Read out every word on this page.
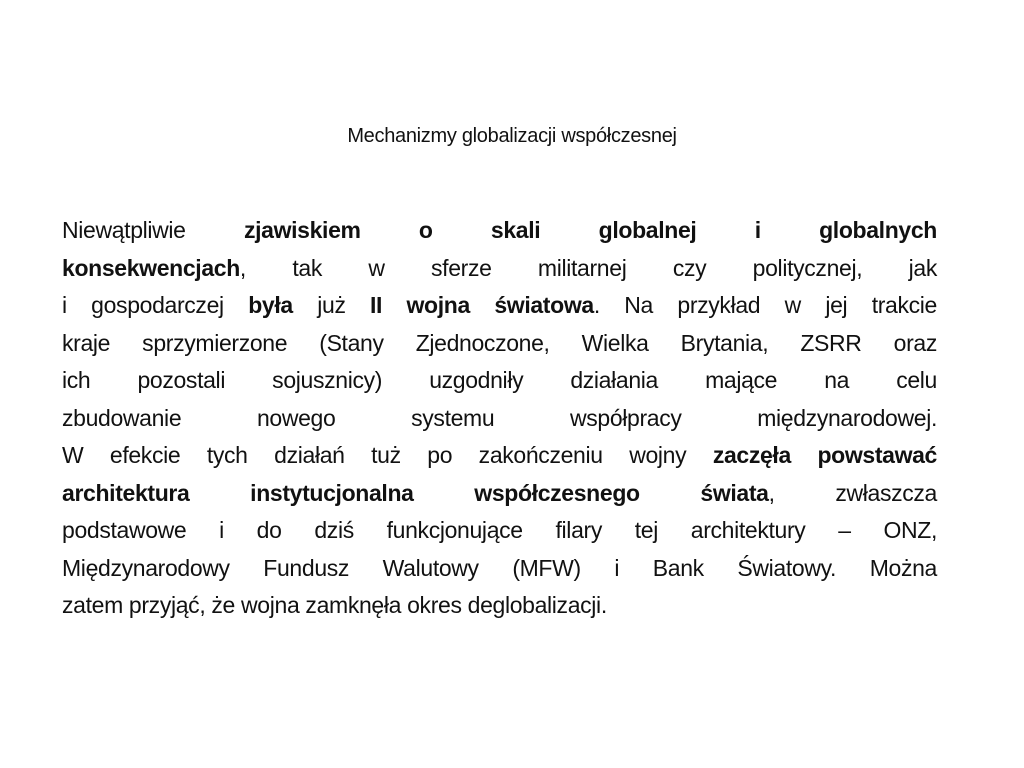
Mechanizmy globalizacji współczesnej
Niewątpliwie zjawiskiem o skali globalnej i globalnych
konsekwencjach, tak w sferze militarnej czy politycznej, jak
i gospodarczej była już II wojna światowa. Na przykład w jej trakcie
kraje sprzymierzone (Stany Zjednoczone, Wielka Brytania, ZSRR oraz
ich pozostali sojusznicy) uzgodniły działania mające na celu
zbudowanie nowego systemu współpracy międzynarodowej.
W efekcie tych działań tuż po zakończeniu wojny zaczęła powstawać
architektura instytucjonalna współczesnego świata, zwłaszcza
podstawowe i do dziś funkcjonujące filary tej architektury – ONZ,
Międzynarodowy Fundusz Walutowy (MFW) i Bank Światowy. Można
zatem przyjąć, że wojna zamknęła okres deglobalizacji.
